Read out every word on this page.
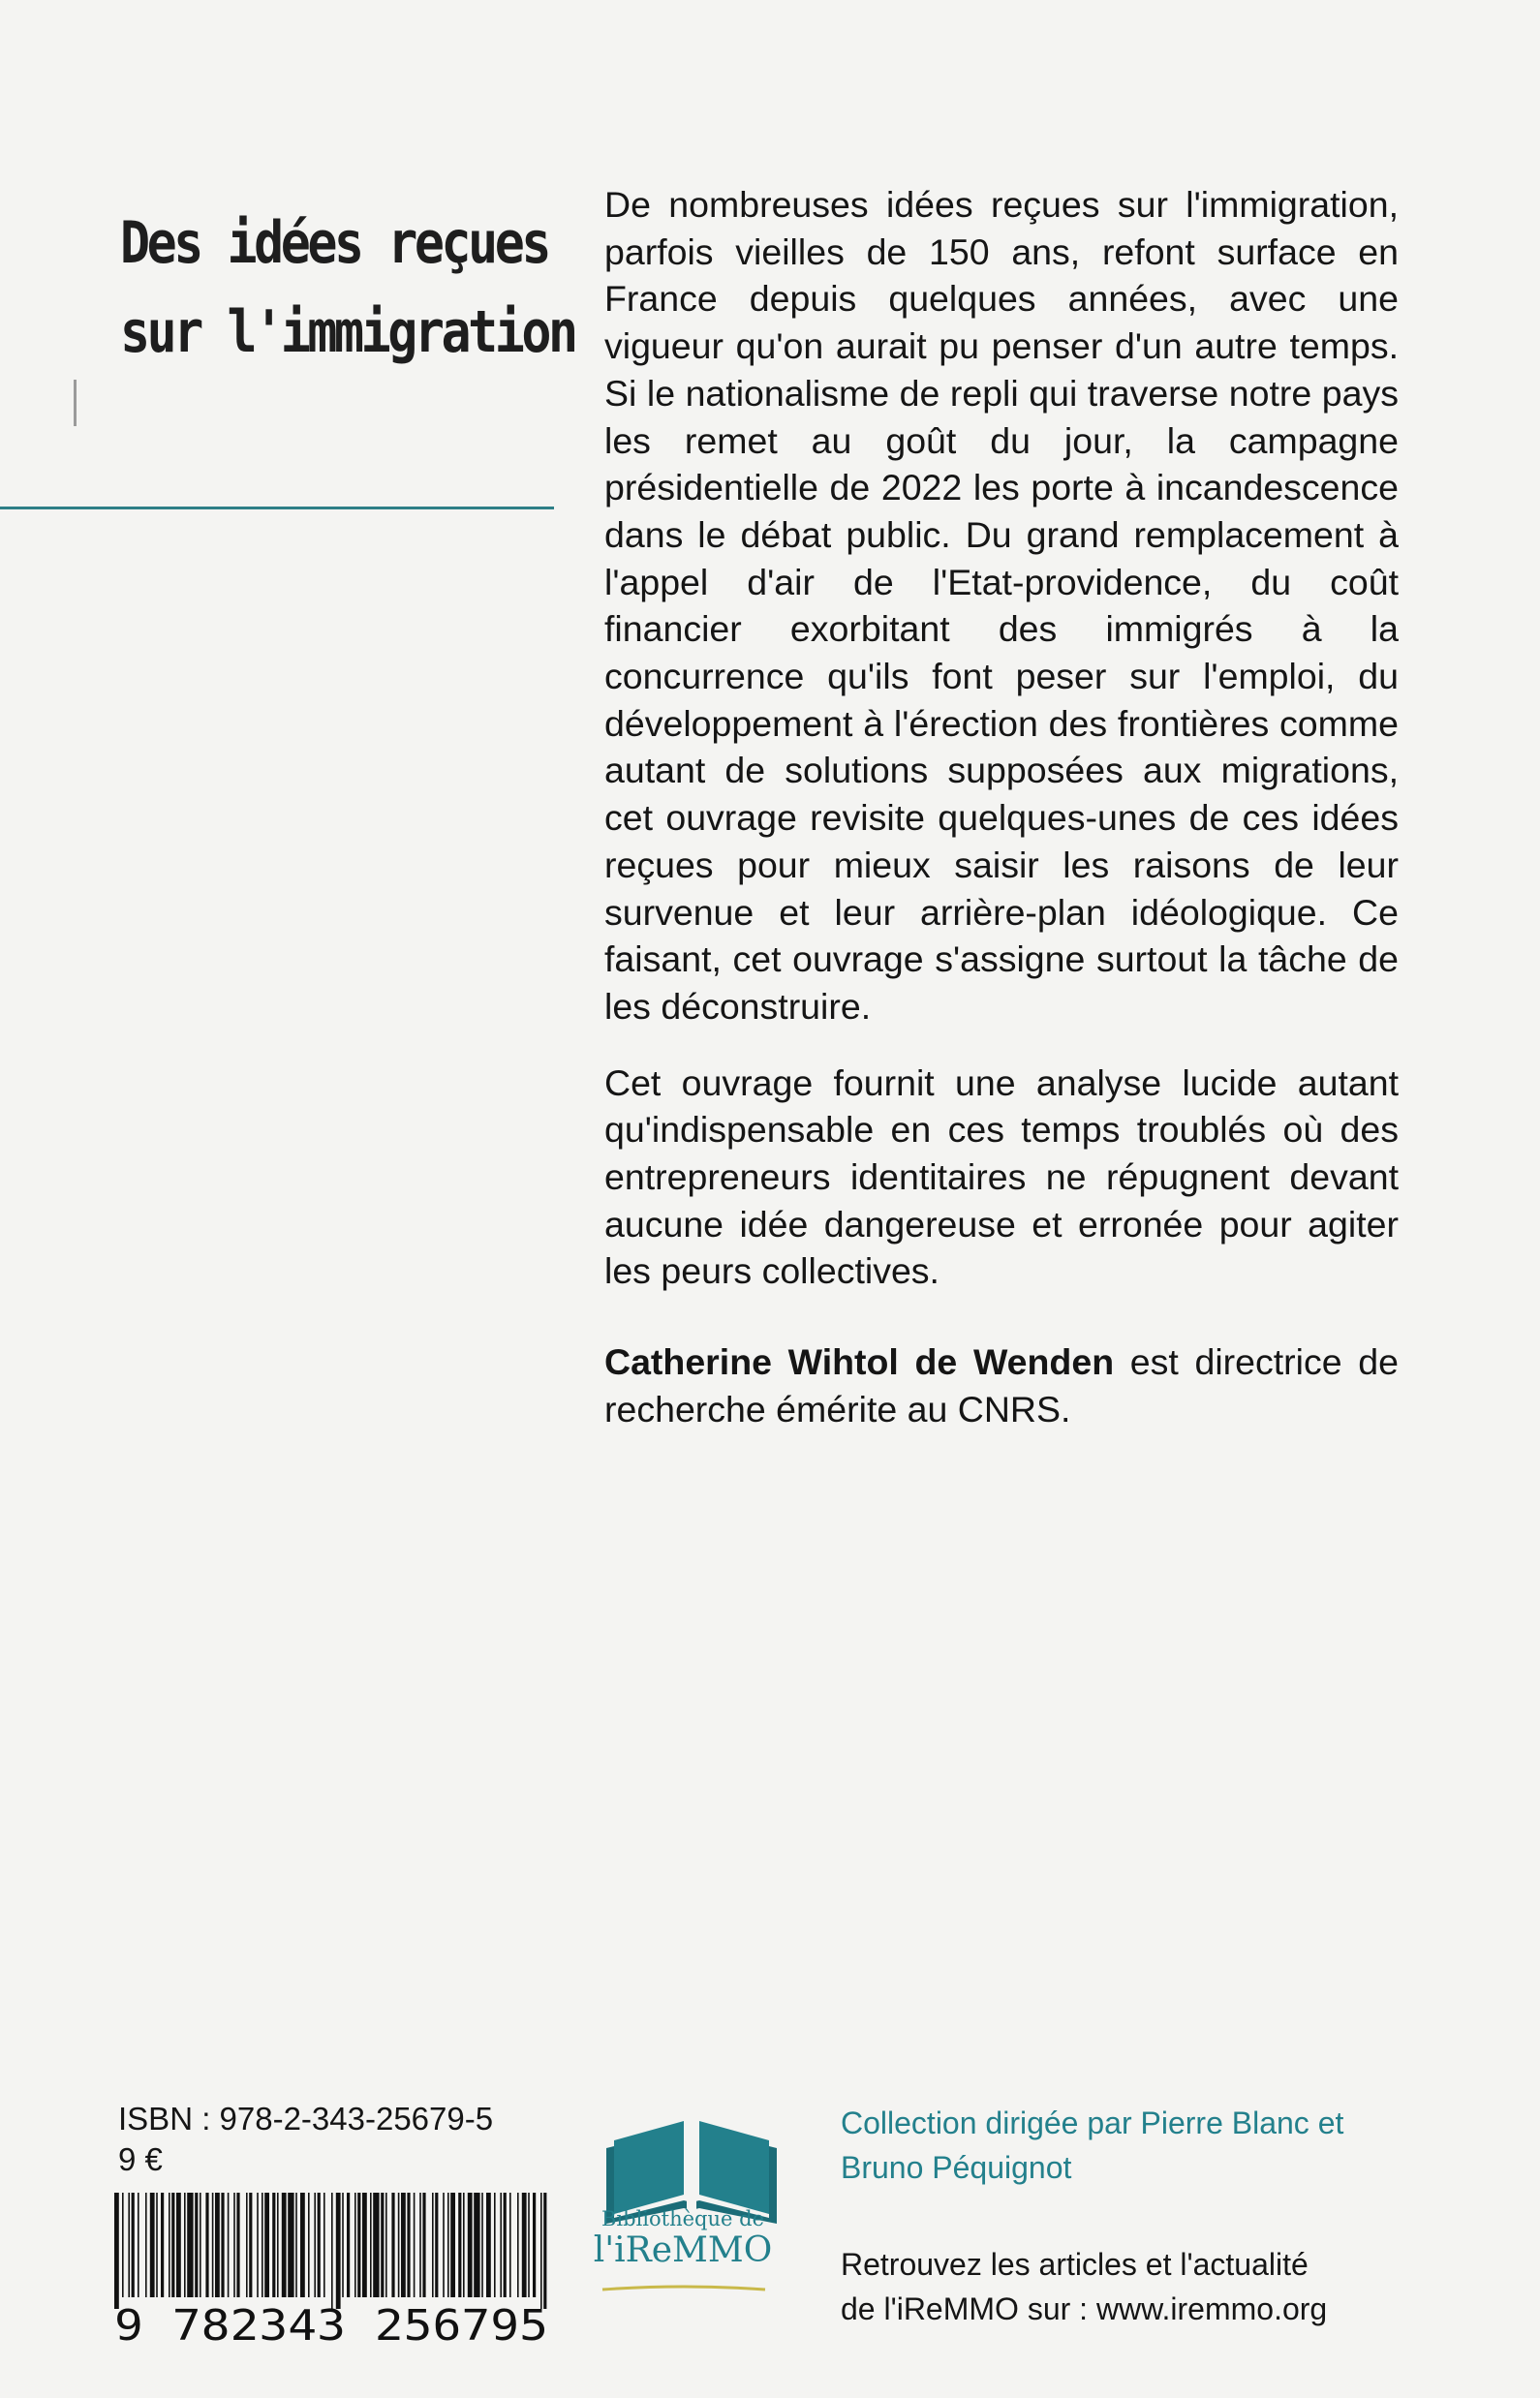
Des idées reçues
sur l'immigration

De nombreuses idées reçues sur l'immigration, parfois vieilles de 150 ans, refont surface en France depuis quelques années, avec une vigueur qu'on aurait pu penser d'un autre temps. Si le nationalisme de repli qui traverse notre pays les remet au goût du jour, la campagne présidentielle de 2022 les porte à incandescence dans le débat public. Du grand remplacement à l'appel d'air de l'Etat-providence, du coût financier exorbitant des immigrés à la concurrence qu'ils font peser sur l'emploi, du développement à l'érection des frontières comme autant de solutions supposées aux migrations, cet ouvrage revisite quelques-unes de ces idées reçues pour mieux saisir les raisons de leur survenue et leur arrière-plan idéologique. Ce faisant, cet ouvrage s'assigne surtout la tâche de les déconstruire.

Cet ouvrage fournit une analyse lucide autant qu'indispensable en ces temps troublés où des entrepreneurs identitaires ne répugnent devant aucune idée dangereuse et erronée pour agiter les peurs collectives.

Catherine Wihtol de Wenden est directrice de recherche émérite au CNRS.

ISBN : 978-2-343-25679-5
9 €
9 782343 256795
Bibliothèque de
l'iReMMO
Collection dirigée par Pierre Blanc et
Bruno Péquignot
Retrouvez les articles et l'actualité
de l'iReMMO sur : www.iremmo.org
